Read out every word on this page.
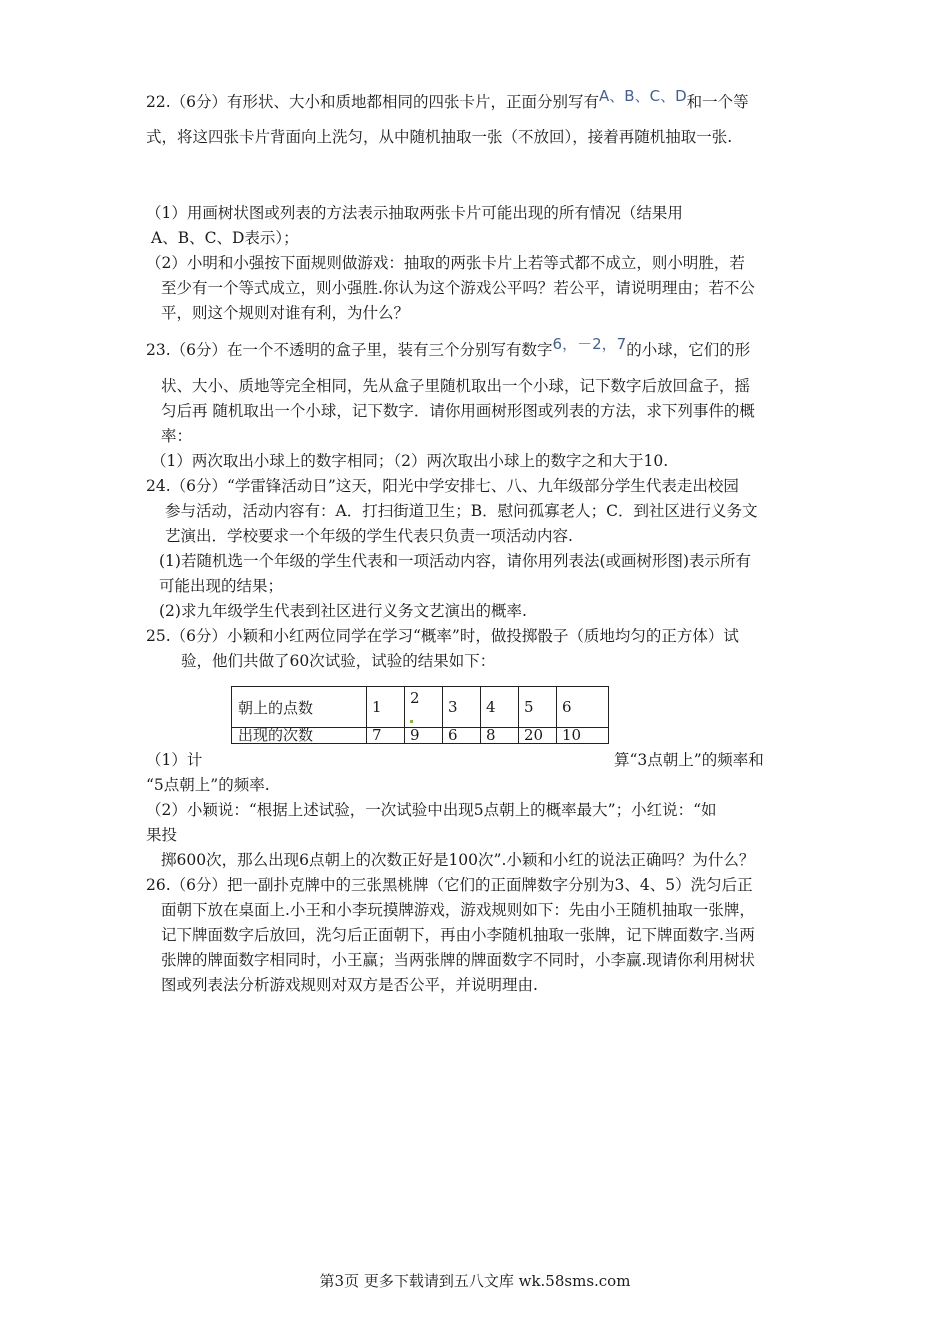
22.（6分）有形状、大小和质地都相同的四张卡片，正面分别写有A、B、C、D和一个等
式，将这四张卡片背面向上洗匀，从中随机抽取一张（不放回），接着再随机抽取一张.
（1）用画树状图或列表的方法表示抽取两张卡片可能出现的所有情况（结果用
A、B、C、D表示）；
（2）小明和小强按下面规则做游戏：抽取的两张卡片上若等式都不成立，则小明胜，若
至少有一个等式成立，则小强胜.你认为这个游戏公平吗？若公平，请说明理由；若不公
平，则这个规则对谁有利，为什么？
23.（6分）在一个不透明的盒子里，装有三个分别写有数字6，－2，7的小球，它们的形
状、大小、质地等完全相同，先从盒子里随机取出一个小球，记下数字后放回盒子，摇
匀后再 随机取出一个小球，记下数字．请你用画树形图或列表的方法，求下列事件的概
率：
（1）两次取出小球上的数字相同；（2）两次取出小球上的数字之和大于10.
24.（6分）“学雷锋活动日”这天，阳光中学安排七、八、九年级部分学生代表走出校园
参与活动，活动内容有：A．打扫街道卫生；B．慰问孤寡老人；C．到社区进行义务文
艺演出．学校要求一个年级的学生代表只负责一项活动内容.
(1)若随机选一个年级的学生代表和一项活动内容，请你用列表法(或画树形图)表示所有
可能出现的结果；
(2)求九年级学生代表到社区进行义务文艺演出的概率.
25.（6分）小颖和小红两位同学在学习“概率”时，做投掷骰子（质地均匀的正方体）试
验，他们共做了60次试验，试验的结果如下：
朝上的点数	1	2	3	4	5	6
出现的次数	7	9	6	8	20	10
（1）计	算“3点朝上”的频率和
“5点朝上”的频率.
（2）小颖说：“根据上述试验，一次试验中出现5点朝上的概率最大”；小红说：“如
果投
掷600次，那么出现6点朝上的次数正好是100次”.小颖和小红的说法正确吗？为什么？
26.（6分）把一副扑克牌中的三张黑桃牌（它们的正面牌数字分别为3、4、5）洗匀后正
面朝下放在桌面上.小王和小李玩摸牌游戏，游戏规则如下：先由小王随机抽取一张牌，
记下牌面数字后放回，洗匀后正面朝下，再由小李随机抽取一张牌，记下牌面数字.当两
张牌的牌面数字相同时，小王赢；当两张牌的牌面数字不同时，小李赢.现请你利用树状
图或列表法分析游戏规则对双方是否公平，并说明理由.
第3页 更多下载请到五八文库 wk.58sms.com
